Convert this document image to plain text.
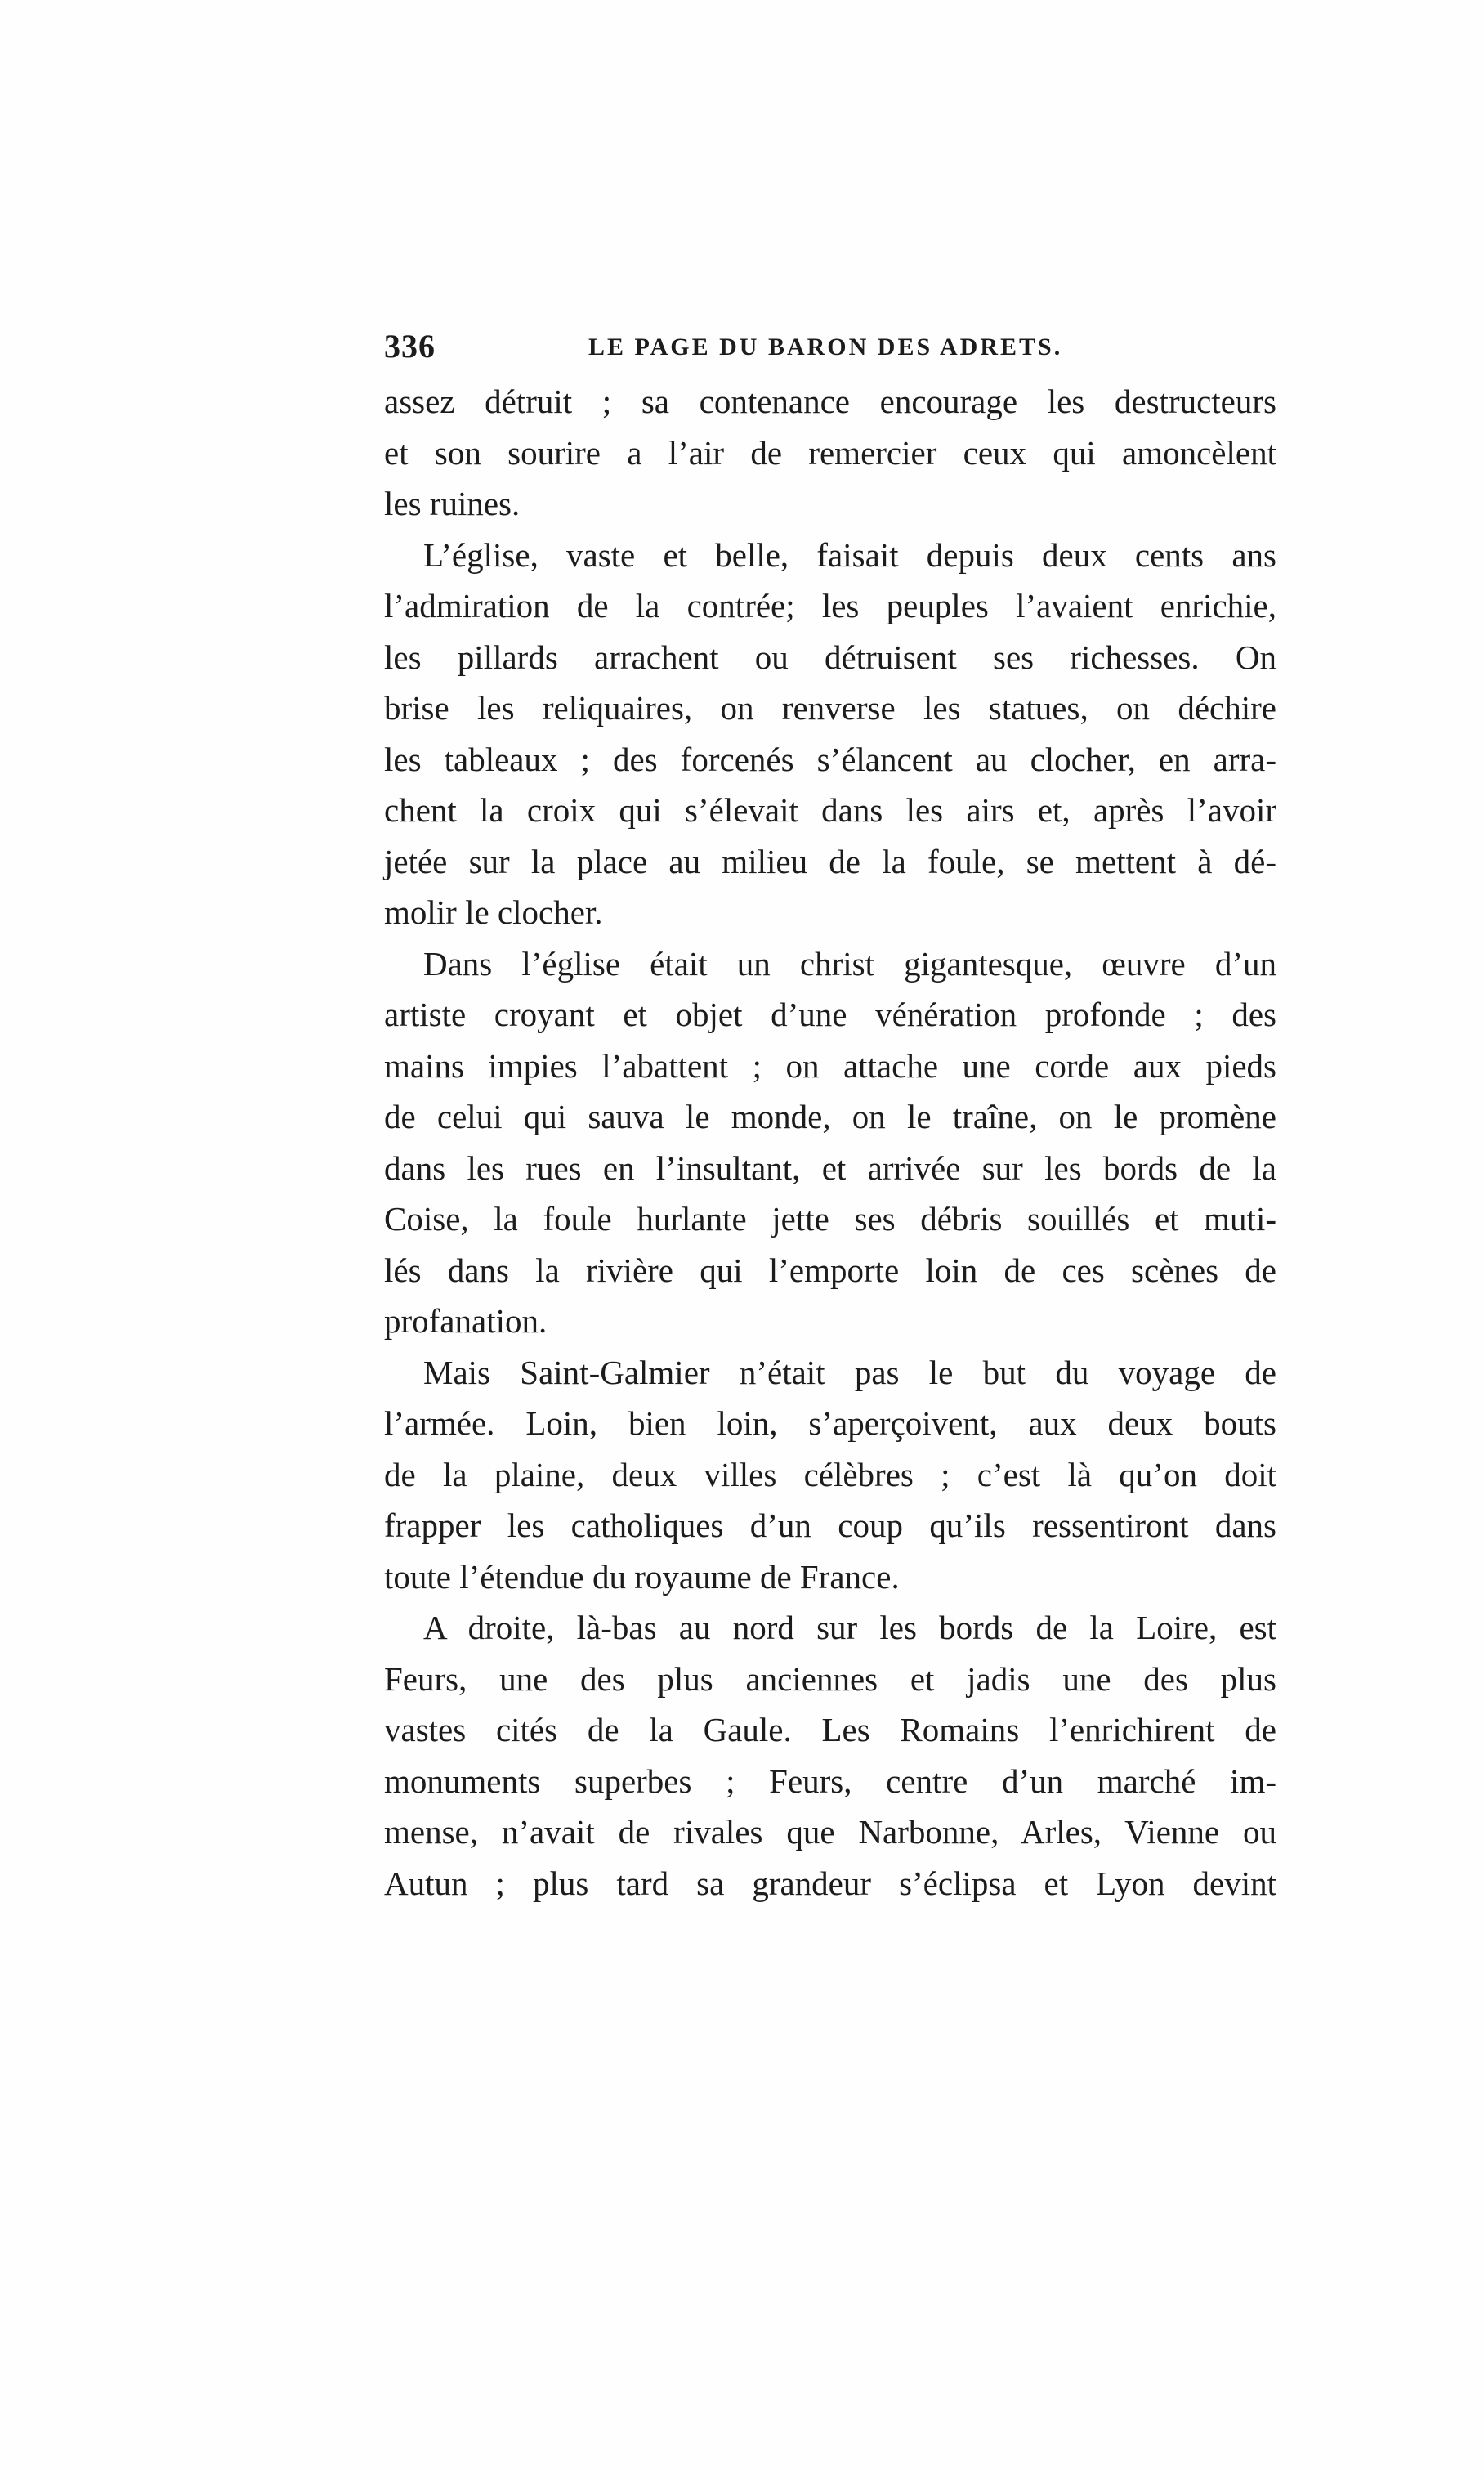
336	LE PAGE DU BARON DES ADRETS.
assez détruit ; sa contenance encourage les destructeurs
et son sourire a l’air de remercier ceux qui amoncèlent
les ruines.
L’église, vaste et belle, faisait depuis deux cents ans
l’admiration de la contrée; les peuples l’avaient enrichie,
les pillards arrachent ou détruisent ses richesses. On
brise les reliquaires, on renverse les statues, on déchire
les tableaux ; des forcenés s’élancent au clocher, en arra-
chent la croix qui s’élevait dans les airs et, après l’avoir
jetée sur la place au milieu de la foule, se mettent à dé-
molir le clocher.
Dans l’église était un christ gigantesque, œuvre d’un
artiste croyant et objet d’une vénération profonde ; des
mains impies l’abattent ; on attache une corde aux pieds
de celui qui sauva le monde, on le traîne, on le promène
dans les rues en l’insultant, et arrivée sur les bords de la
Coise, la foule hurlante jette ses débris souillés et muti-
lés dans la rivière qui l’emporte loin de ces scènes de
profanation.
Mais Saint-Galmier n’était pas le but du voyage de
l’armée. Loin, bien loin, s’aperçoivent, aux deux bouts
de la plaine, deux villes célèbres ; c’est là qu’on doit
frapper les catholiques d’un coup qu’ils ressentiront dans
toute l’étendue du royaume de France.
A droite, là-bas au nord sur les bords de la Loire, est
Feurs, une des plus anciennes et jadis une des plus
vastes cités de la Gaule. Les Romains l’enrichirent de
monuments superbes ; Feurs, centre d’un marché im-
mense, n’avait de rivales que Narbonne, Arles, Vienne ou
Autun ; plus tard sa grandeur s’éclipsa et Lyon devint
